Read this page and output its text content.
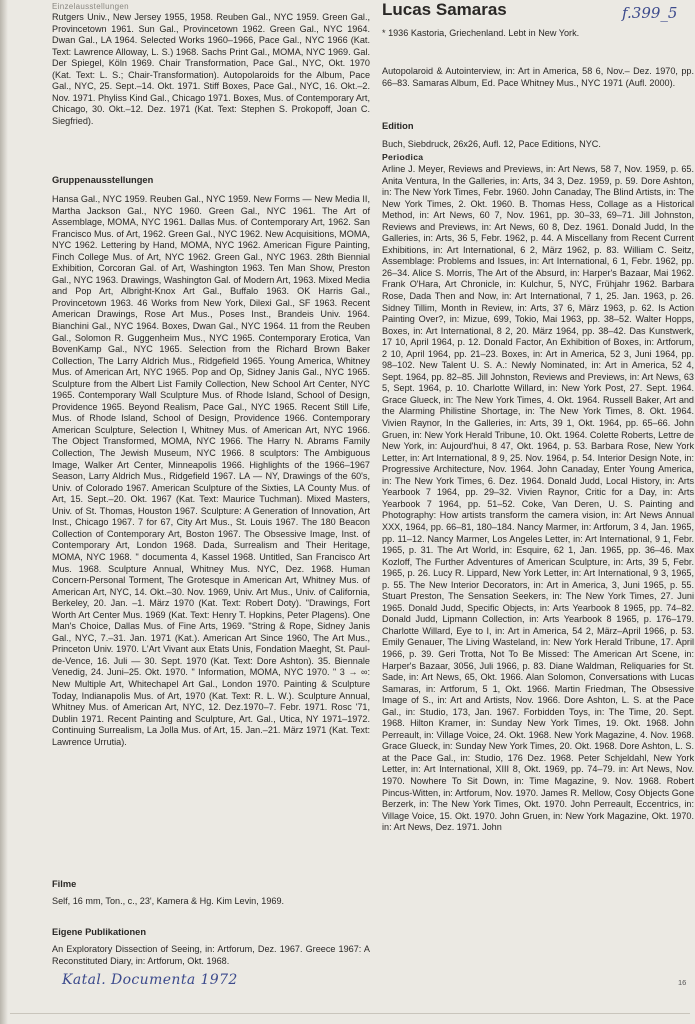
Einzelausstellungen	f.399_5

Rutgers Univ., New Jersey 1955, 1958. Reuben Gal., NYC 1959. Green Gal., Provincetown 1961. Sun Gal., Provincetown 1962. Green Gal., NYC 1964. Dwan Gal., LA 1964. Selected Works 1960–1966, Pace Gal., NYC 1966 (Kat. Text: Lawrence Alloway, L. S.) 1968. Sachs Print Gal., MOMA, NYC 1969. Gal. Der Spiegel, Köln 1969. Chair Transformation, Pace Gal., NYC, Okt. 1970 (Kat. Text: L. S.; Chair-Transformation). Autopolaroids for the Album, Pace Gal., NYC, 25. Sept.–14. Okt. 1971. Stiff Boxes, Pace Gal., NYC, 16. Okt.–2. Nov. 1971. Phyliss Kind Gal., Chicago 1971. Boxes, Mus. of Contemporary Art, Chicago, 30. Okt.–12. Dez. 1971 (Kat. Text: Stephen S. Prokopoff, Joan C. Siegfried).

Gruppenausstellungen

Hansa Gal., NYC 1959. Reuben Gal., NYC 1959. New Forms — New Media II, Martha Jackson Gal., NYC 1960. Green Gal., NYC 1961. The Art of Assemblage, MOMA, NYC 1961. Dallas Mus. of Contemporary Art, 1962. San Francisco Mus. of Art, 1962. Green Gal., NYC 1962. New Acquisitions, MOMA, NYC 1962. Lettering by Hand, MOMA, NYC 1962. American Figure Painting, Finch College Mus. of Art, NYC 1962. Green Gal., NYC 1963. 28th Biennial Exhibition, Corcoran Gal. of Art, Washington 1963. Ten Man Show, Preston Gal., NYC 1963. Drawings, Washington Gal. of Modern Art, 1963. Mixed Media and Pop Art, Albright-Knox Art Gal., Buffalo 1963. OK Harris Gal., Provincetown 1963. 46 Works from New York, Dilexi Gal., SF 1963. Recent American Drawings, Rose Art Mus., Poses Inst., Brandeis Univ. 1964. Bianchini Gal., NYC 1964. Boxes, Dwan Gal., NYC 1964. 11 from the Reuben Gal., Solomon R. Guggenheim Mus., NYC 1965. Contemporary Erotica, Van BovenKamp Gal., NYC 1965. Selection from the Richard Brown Baker Collection, The Larry Aldrich Mus., Ridgefield 1965. Young America, Whitney Mus. of American Art, NYC 1965. Pop and Op, Sidney Janis Gal., NYC 1965. Sculpture from the Albert List Family Collection, New School Art Center, NYC 1965. Contemporary Wall Sculpture Mus. of Rhode Island, School of Design, Providence 1965. Beyond Realism, Pace Gal., NYC 1965. Recent Still Life, Mus. of Rhode Island, School of Design, Providence 1966. Contemporary American Sculpture, Selection I, Whitney Mus. of American Art, NYC 1966. The Object Transformed, MOMA, NYC 1966. The Harry N. Abrams Family Collection, The Jewish Museum, NYC 1966. 8 sculptors: The Ambiguous Image, Walker Art Center, Minneapolis 1966. Highlights of the 1966–1967 Season, Larry Aldrich Mus., Ridgefield 1967. LA — NY, Drawings of the 60's, Univ. of Colorado 1967. American Sculpture of the Sixties, LA County Mus. of Art, 15. Sept.–20. Okt. 1967 (Kat. Text: Maurice Tuchman). Mixed Masters, Univ. of St. Thomas, Houston 1967. Sculpture: A Generation of Innovation, Art Inst., Chicago 1967. 7 for 67, City Art Mus., St. Louis 1967. The 180 Beacon Collection of Contemporary Art, Boston 1967. The Obsessive Image, Inst. of Contemporary Art, London 1968. Dada, Surrealism and Their Heritage, MOMA, NYC 1968. " documenta 4, Kassel 1968. Untitled, San Francisco Art Mus. 1968. Sculpture Annual, Whitney Mus. NYC, Dez. 1968. Human Concern-Personal Torment, The Grotesque in American Art, Whitney Mus. of American Art, NYC, 14. Okt.–30. Nov. 1969, Univ. Art Mus., Univ. of California, Berkeley, 20. Jan. –1. März 1970 (Kat. Text: Robert Doty). "Drawings, Fort Worth Art Center Mus. 1969 (Kat. Text: Henry T. Hopkins, Peter Plagens). One Man's Choice, Dallas Mus. of Fine Arts, 1969. "String & Rope, Sidney Janis Gal., NYC, 7.–31. Jan. 1971 (Kat.). American Art Since 1960, The Art Mus., Princeton Univ. 1970. L'Art Vivant aux Etats Unis, Fondation Maeght, St. Paul-de-Vence, 16. Juli — 30. Sept. 1970 (Kat. Text: Dore Ashton). 35. Biennale Venedig, 24. Juni–25. Okt. 1970. " Information, MOMA, NYC 1970. " 3 → ∞: New Multiple Art, Whitechapel Art Gal., London 1970. Painting & Sculpture Today, Indianapolis Mus. of Art, 1970 (Kat. Text: R. L. W.). Sculpture Annual, Whitney Mus. of American Art, NYC, 12. Dez.1970–7. Febr. 1971. Rosc '71, Dublin 1971. Recent Painting and Sculpture, Art. Gal., Utica, NY 1971–1972. Continuing Surrealism, La Jolla Mus. of Art, 15. Jan.–21. März 1971 (Kat. Text: Lawrence Urrutia).

Filme

Self, 16 mm, Ton., c., 23', Kamera & Hg. Kim Levin, 1969.

Eigene Publikationen

An Exploratory Dissection of Seeing, in: Artforum, Dez. 1967. Greece 1967: A Reconstituted Diary, in: Artforum, Okt. 1968.

Lucas Samaras

* 1936 Kastoria, Griechenland. Lebt in New York.

Autopolaroid & Autointerview, in: Art in America, 58 6, Nov.– Dez. 1970, pp. 66–83. Samaras Album, Ed. Pace Whitney Mus., NYC 1971 (Aufl. 2000).

Edition

Buch, Siebdruck, 26x26, Aufl. 12, Pace Editions, NYC.

Periodica

Arline J. Meyer, Reviews and Previews, in: Art News, 58 7, Nov. 1959, p. 65. Anita Ventura, In the Galleries, in: Arts, 34 3, Dez. 1959, p. 59. Dore Ashton, in: The New York Times, Febr. 1960. John Canaday, The Blind Artists, in: The New York Times, 2. Okt. 1960. B. Thomas Hess, Collage as a Historical Method, in: Art News, 60 7, Nov. 1961, pp. 30–33, 69–71. Jill Johnston, Reviews and Previews, in: Art News, 60 8, Dez. 1961. Donald Judd, In the Galleries, in: Arts, 36 5, Febr. 1962, p. 44. A Miscellany from Recent Current Exhibitions, in: Art International, 6 2, März 1962, p. 83. William C. Seitz, Assemblage: Problems and Issues, in: Art International, 6 1, Febr. 1962, pp. 26–34. Alice S. Morris, The Art of the Absurd, in: Harper's Bazaar, Mai 1962. Frank O'Hara, Art Chronicle, in: Kulchur, 5, NYC, Frühjahr 1962. Barbara Rose, Dada Then and Now, in: Art International, 7 1, 25. Jan. 1963, p. 26. Sidney Tillim, Month in Review, in: Arts, 37 6, März 1963, p. 62. Is Action Painting Over?, in: Mizue, 699, Tokio, Mai 1963, pp. 38–52. Walter Hopps, Boxes, in: Art International, 8 2, 20. März 1964, pp. 38–42. Das Kunstwerk, 17 10, April 1964, p. 12. Donald Factor, An Exhibition of Boxes, in: Artforum, 2 10, April 1964, pp. 21–23. Boxes, in: Art in America, 52 3, Juni 1964, pp. 98–102. New Talent U. S. A.: Newly Nominated, in: Art in America, 52 4, Sept. 1964, pp. 82–85. Jill Johnston, Reviews and Previews, in: Art News, 63 5, Sept. 1964, p. 10. Charlotte Willard, in: New York Post, 27. Sept. 1964. Grace Glueck, in: The New York Times, 4. Okt. 1964. Russell Baker, Art and the Alarming Philistine Shortage, in: The New York Times, 8. Okt. 1964. Vivien Raynor, In the Galleries, in: Arts, 39 1, Okt. 1964, pp. 65–66. John Gruen, in: New York Herald Tribune, 10. Okt. 1964. Colette Roberts, Lettre de New York, in: Aujourd'hui, 8 47, Okt. 1964, p. 53. Barbara Rose, New York Letter, in: Art International, 8 9, 25. Nov. 1964, p. 54. Interior Design Note, in: Progressive Architecture, Nov. 1964. John Canaday, Enter Young America, in: The New York Times, 6. Dez. 1964. Donald Judd, Local History, in: Arts Yearbook 7 1964, pp. 29–32. Vivien Raynor, Critic for a Day, in: Arts Yearbook 7 1964, pp. 51–52. Coke, Van Deren, U. S. Painting and Photography: How artists transform the camera vision, in: Art News Annual XXX, 1964, pp. 66–81, 180–184. Nancy Marmer, in: Artforum, 3 4, Jan. 1965, pp. 11–12. Nancy Marmer, Los Angeles Letter, in: Art International, 9 1, Febr. 1965, p. 31. The Art World, in: Esquire, 62 1, Jan. 1965, pp. 36–46. Max Kozloff, The Further Adventures of American Sculpture, in: Arts, 39 5, Febr. 1965, p. 26. Lucy R. Lippard, New York Letter, in: Art International, 9 3, 1965, p. 55. The New Interior Decorators, in: Art in America, 3, Juni 1965, p. 55. Stuart Preston, The Sensation Seekers, in: The New York Times, 27. Juni 1965. Donald Judd, Specific Objects, in: Arts Yearbook 8 1965, pp. 74–82. Donald Judd, Lipmann Collection, in: Arts Yearbook 8 1965, p. 176–179. Charlotte Willard, Eye to I, in: Art in America, 54 2, März–April 1966, p. 53. Emily Genauer, The Living Wasteland, in: New York Herald Tribune, 17. April 1966, p. 39. Geri Trotta, Not To Be Missed: The American Art Scene, in: Harper's Bazaar, 3056, Juli 1966, p. 83. Diane Waldman, Reliquaries for St. Sade, in: Art News, 65, Okt. 1966. Alan Solomon, Conversations with Lucas Samaras, in: Artforum, 5 1, Okt. 1966. Martin Friedman, The Obsessive Image of S., in: Art and Artists, Nov. 1966. Dore Ashton, L. S. at the Pace Gal., in: Studio, 173, Jan. 1967. Forbidden Toys, in: The Time, 20. Sept. 1968. Hilton Kramer, in: Sunday New York Times, 19. Okt. 1968. John Perreault, in: Village Voice, 24. Okt. 1968. New York Magazine, 4. Nov. 1968. Grace Glueck, in: Sunday New York Times, 20. Okt. 1968. Dore Ashton, L. S. at the Pace Gal., in: Studio, 176 Dez. 1968. Peter Schjeldahl, New York Letter, in: Art International, XIII 8, Okt. 1969, pp. 74–79. in: Art News, Nov. 1970. Nowhere To Sit Down, in: Time Magazine, 9. Nov. 1968. Robert Pincus-Witten, in: Artforum, Nov. 1970. James R. Mellow, Cosy Objects Gone Berzerk, in: The New York Times, Okt. 1970. John Perreault, Eccentrics, in: Village Voice, 15. Okt. 1970. John Gruen, in: New York Magazine, Okt. 1970. in: Art News, Dez. 1971. John

Katal. Documenta 1972	16
